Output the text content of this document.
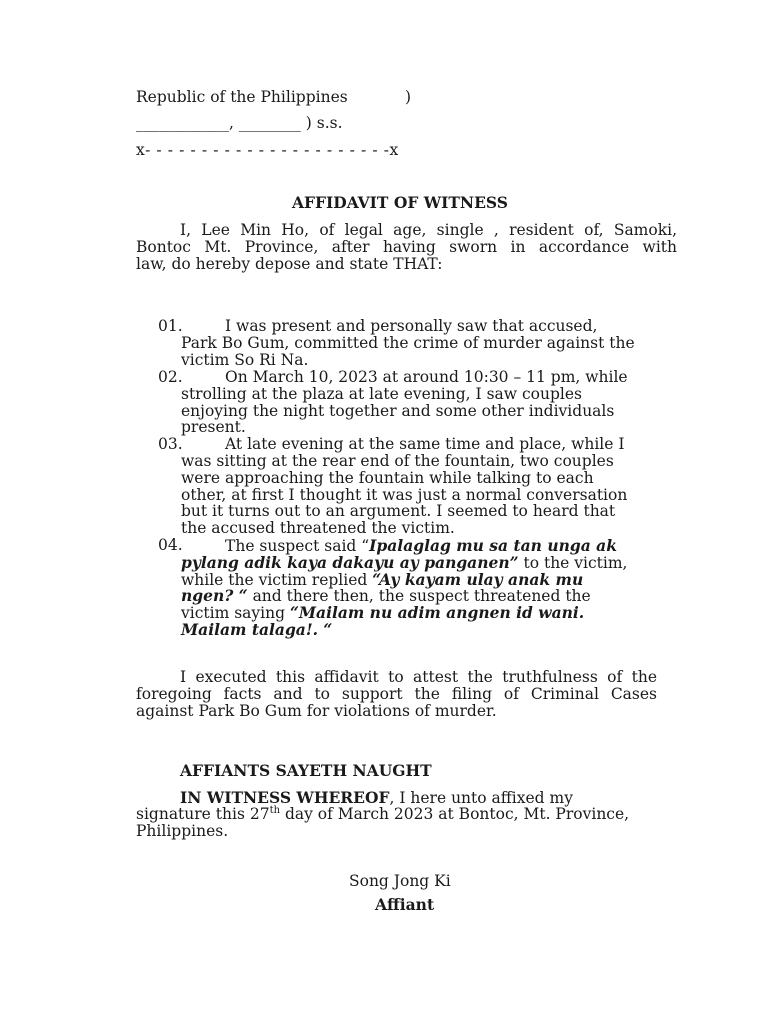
Republic of the Philippines	)
____________, ________ ) s.s.
x- - - - - - - - - - - - - - - - - - - - - -x
AFFIDAVIT OF WITNESS
I, Lee Min Ho, of legal age, single , resident of, Samoki,
Bontoc Mt. Province, after having sworn in accordance with
law, do hereby depose and state THAT:
01.	I was present and personally saw that accused,
Park Bo Gum, committed the crime of murder against the
victim So Ri Na.
02.	On March 10, 2023 at around 10:30 – 11 pm, while
strolling at the plaza at late evening, I saw couples
enjoying the night together and some other individuals
present.
03.	At late evening at the same time and place, while I
was sitting at the rear end of the fountain, two couples
were approaching the fountain while talking to each
other, at first I thought it was just a normal conversation
but it turns out to an argument. I seemed to heard that
the accused threatened the victim.
04.	The suspect said “Ipalaglag mu sa tan unga ak
pylang adik kaya dakayu ay panganen” to the victim,
while the victim replied “Ay kayam ulay anak mu
ngen? “ and there then, the suspect threatened the
victim saying “Mailam nu adim angnen id wani.
Mailam talaga!. “
I executed this affidavit to attest the truthfulness of the
foregoing facts and to support the filing of Criminal Cases
against Park Bo Gum for violations of murder.
AFFIANTS SAYETH NAUGHT
IN WITNESS WHEREOF, I here unto affixed my
signature this 27th day of March 2023 at Bontoc, Mt. Province,
Philippines.
Song Jong Ki
Affiant
